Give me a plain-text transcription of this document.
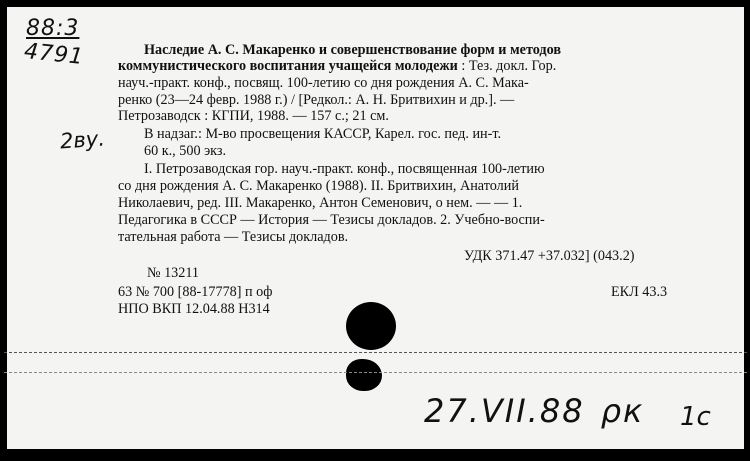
88:3
4791
2ву.
Наследие А. С. Макаренко и совершенствование форм и методов
коммунистического воспитания учащейся молодежи : Тез. докл. Гор.
науч.-практ. конф., посвящ. 100-летию со дня рождения А. С. Мака-
ренко (23—24 февр. 1988 г.) / [Редкол.: А. Н. Бритвихин и др.]. —
Петрозаводск : КГПИ, 1988. — 157 с.; 21 см.
В надзаг.: М-во просвещения КАССР, Карел. гос. пед. ин-т.
60 к., 500 экз.
I. Петрозаводская гор. науч.-практ. конф., посвященная 100-летию
со дня рождения А. С. Макаренко (1988). II. Бритвихин, Анатолий
Николаевич, ред. III. Макаренко, Антон Семенович, о нем. — — 1.
Педагогика в СССР — История — Тезисы докладов. 2. Учебно-воспи-
тательная работа — Тезисы докладов.
УДК 371.47 +37.032] (043.2)
№ 13211
63 № 700 [88-17778] п оф	ЕКЛ 43.3
НПО ВКП 12.04.88 Н314
27.VII.88 ρк 1c
